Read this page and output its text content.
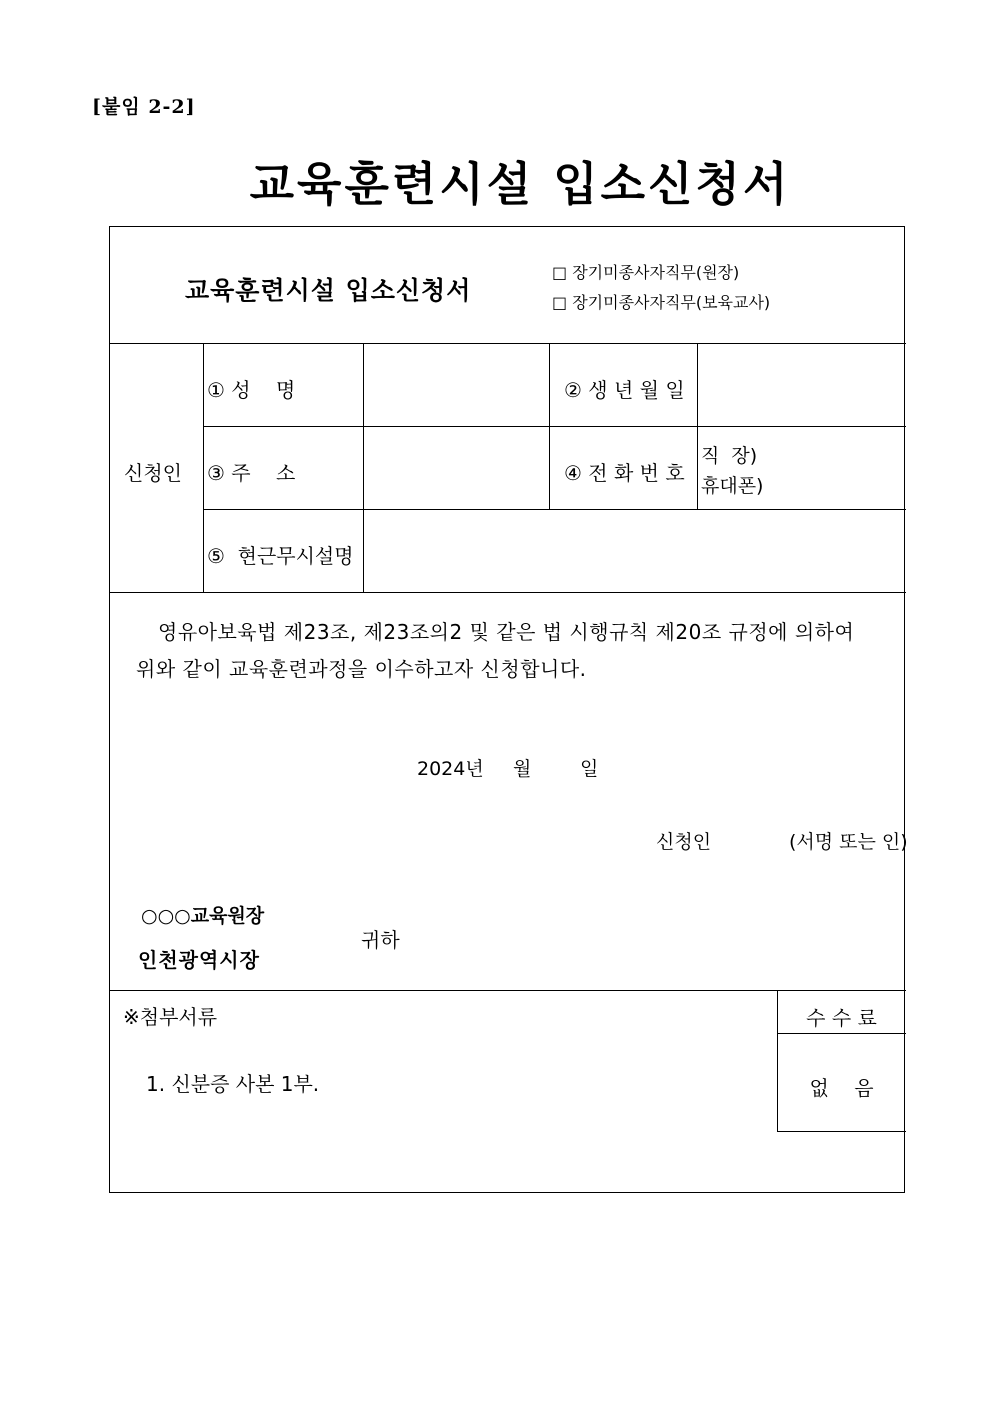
[붙임 2-2]
교육훈련시설 입소신청서
교육훈련시설 입소신청서
□ 장기미종사자직무(원장)
□ 장기미종사자직무(보육교사)
신청인
① 성    명	② 생 년 월 일
③ 주    소	④ 전 화 번 호
직  장)
휴대폰)
⑤  현근무시설명
영유아보육법 제23조, 제23조의2 및 같은 법 시행규칙 제20조 규정에 의하여
위와 같이 교육훈련과정을 이수하고자 신청합니다.
2024년 월	일
신청인	(서명 또는 인)
○○○교육원장
인천광역시장
귀하
※첨부서류
1. 신분증 사본 1부.
수 수 료
없    음
